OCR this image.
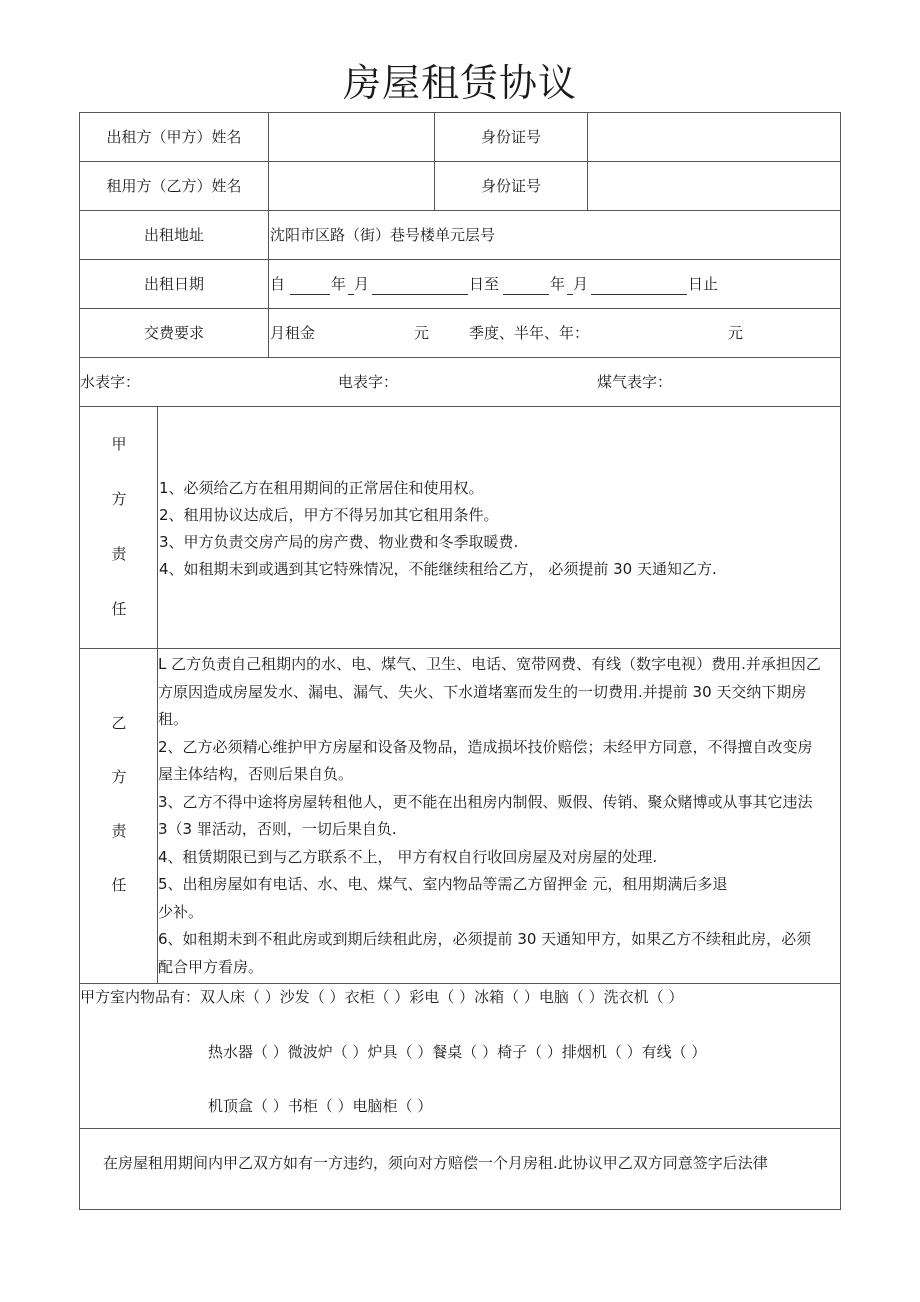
房屋租赁协议
出租方（甲方）姓名	身份证号
租用方（乙方）姓名	身份证号
出租地址	沈阳市区路（街）巷号楼单元层号
出租日期	自	年 月	日至	年 月	日止
交费要求	月租金	元	季度、半年、年：	元
水表字：	电表字：	煤气表字：
甲
方
责
任
1、必须给乙方在租用期间的正常居住和使用权。
2、租用协议达成后，甲方不得另加其它租用条件。
3、甲方负责交房产局的房产费、物业费和冬季取暖费.
4、如租期未到或遇到其它特殊情况，不能继续租给乙方， 必须提前 30 天通知乙方.
乙
方
责
任
L 乙方负责自己租期内的水、电、煤气、卫生、电话、宽带网费、有线（数字电视）费用.并承担因乙
方原因造成房屋发水、漏电、漏气、失火、下水道堵塞而发生的一切费用.并提前 30 天交纳下期房
租。
2、乙方必须精心维护甲方房屋和设备及物品，造成损坏技价赔偿；未经甲方同意，不得擅自改变房
屋主体结构，否则后果自负。
3、乙方不得中途将房屋转租他人，更不能在出租房内制假、贩假、传销、聚众赌博或从事其它违法
3（3 罪活动，否则，一切后果自负.
4、租赁期限已到与乙方联系不上， 甲方有权自行收回房屋及对房屋的处理.
5、出租房屋如有电话、水、电、煤气、室内物品等需乙方留押金 元，租用期满后多退
少补。
6、如租期未到不租此房或到期后续租此房，必须提前 30 天通知甲方，如果乙方不续租此房，必须
配合甲方看房。
甲方室内物品有：双人床（ ）沙发（ ）衣柜（ ）彩电（ ）冰箱（ ）电脑（ ）洗衣机（ ）
热水器（ ）微波炉（ ）炉具（ ）餐桌（ ）椅子（ ）排烟机（ ）有线（ ）
机顶盒（ ）书柜（ ）电脑柜（ ）
在房屋租用期间内甲乙双方如有一方违约，须向对方赔偿一个月房租.此协议甲乙双方同意签字后法律
